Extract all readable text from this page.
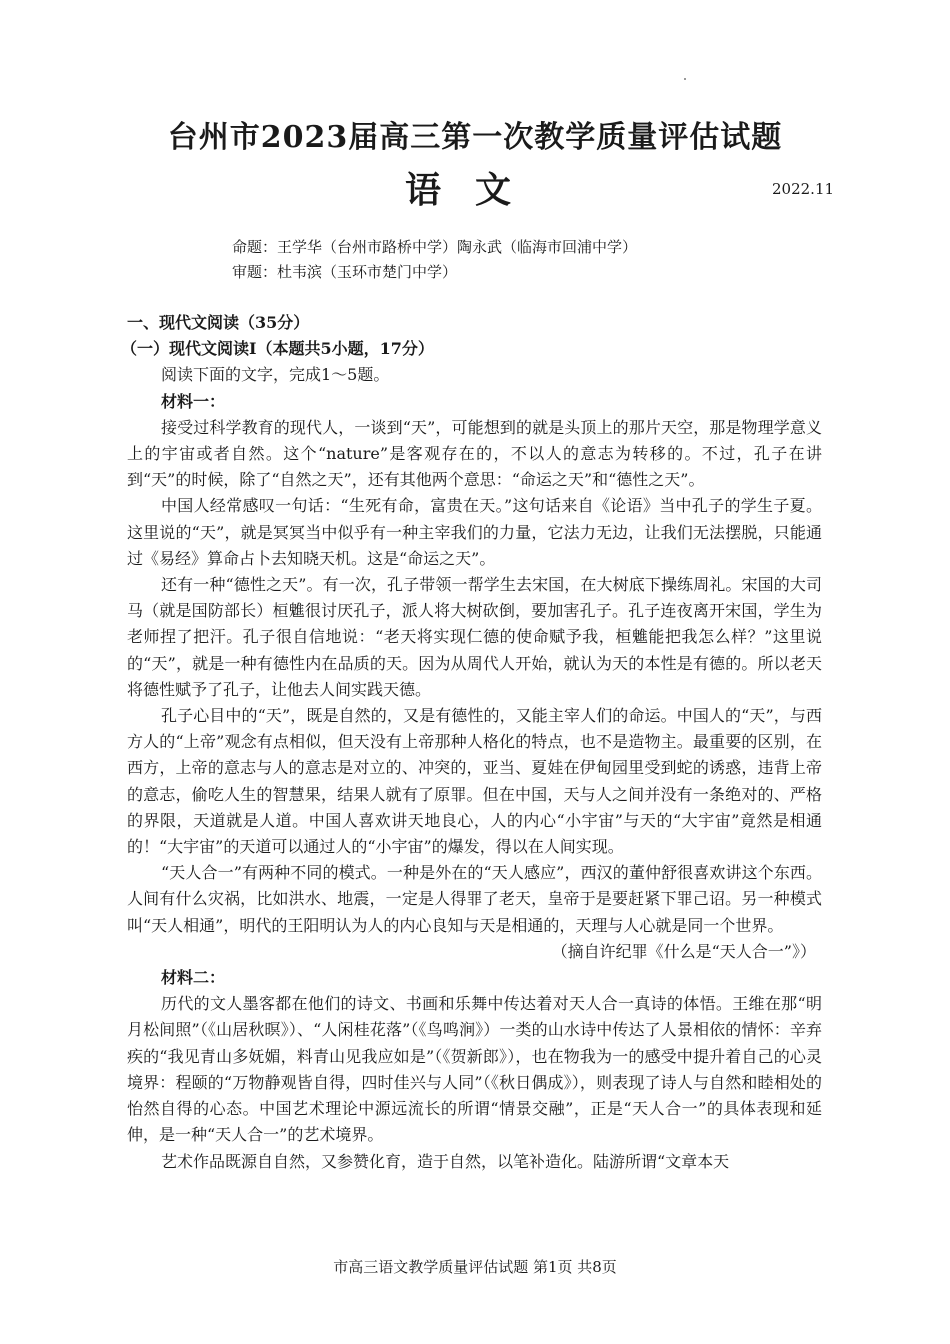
台州市2023届高三第一次教学质量评估试题
语文	2022.11
命题：王学华（台州市路桥中学）陶永武（临海市回浦中学）
审题：杜韦滨（玉环市楚门中学）
一、现代文阅读（35分）
（一）现代文阅读Ⅰ（本题共5小题，17分）
阅读下面的文字，完成1～5题。
材料一：

接受过科学教育的现代人，一谈到“天”，可能想到的就是头顶上的那片天空，那是物理学意义上的宇宙或者自然。这个“nature”是客观存在的，不以人的意志为转移的。不过，孔子在讲到“天”的时候，除了“自然之天”，还有其他两个意思：“命运之天”和“德性之天”。

中国人经常感叹一句话：“生死有命，富贵在天。”这句话来自《论语》当中孔子的学生子夏。这里说的“天”，就是冥冥当中似乎有一种主宰我们的力量，它法力无边，让我们无法摆脱，只能通过《易经》算命占卜去知晓天机。这是“命运之天”。

还有一种“德性之天”。有一次，孔子带领一帮学生去宋国，在大树底下操练周礼。宋国的大司马（就是国防部长）桓魋很讨厌孔子，派人将大树砍倒，要加害孔子。孔子连夜离开宋国，学生为老师捏了把汗。孔子很自信地说：“老天将实现仁德的使命赋予我，桓魋能把我怎么样？”这里说的“天”，就是一种有德性内在品质的天。因为从周代人开始，就认为天的本性是有德的。所以老天将德性赋予了孔子，让他去人间实践天德。

孔子心目中的“天”，既是自然的，又是有德性的，又能主宰人们的命运。中国人的“天”，与西方人的“上帝”观念有点相似，但天没有上帝那种人格化的特点，也不是造物主。最重要的区别，在西方，上帝的意志与人的意志是对立的、冲突的，亚当、夏娃在伊甸园里受到蛇的诱惑，违背上帝的意志，偷吃人生的智慧果，结果人就有了原罪。但在中国，天与人之间并没有一条绝对的、严格的界限，天道就是人道。中国人喜欢讲天地良心，人的内心“小宇宙”与天的“大宇宙”竟然是相通的！“大宇宙”的天道可以通过人的“小宇宙”的爆发，得以在人间实现。

“天人合一”有两种不同的模式。一种是外在的“天人感应”，西汉的董仲舒很喜欢讲这个东西。人间有什么灾祸，比如洪水、地震，一定是人得罪了老天，皇帝于是要赶紧下罪己诏。另一种模式叫“天人相通”，明代的王阳明认为人的内心良知与天是相通的，天理与人心就是同一个世界。

（摘自许纪罪《什么是“天人合一”》）
材料二：

历代的文人墨客都在他们的诗文、书画和乐舞中传达着对天人合一真诗的体悟。王维在那“明月松间照”（《山居秋暝》）、“人闲桂花落”（《鸟鸣涧》）一类的山水诗中传达了人景相依的情怀：辛弃疾的“我见青山多妩媚，料青山见我应如是”（《贺新郎》），也在物我为一的感受中提升着自己的心灵境界：程颐的“万物静观皆自得，四时佳兴与人同”（《秋日偶成》），则表现了诗人与自然和睦相处的怡然自得的心态。中国艺术理论中源远流长的所谓“情景交融”，正是“天人合一”的具体表现和延伸，是一种“天人合一”的艺术境界。

艺术作品既源自自然，又参赞化育，造于自然，以笔补造化。陆游所谓“文章本天

市高三语文教学质量评估试题 第1页 共8页
